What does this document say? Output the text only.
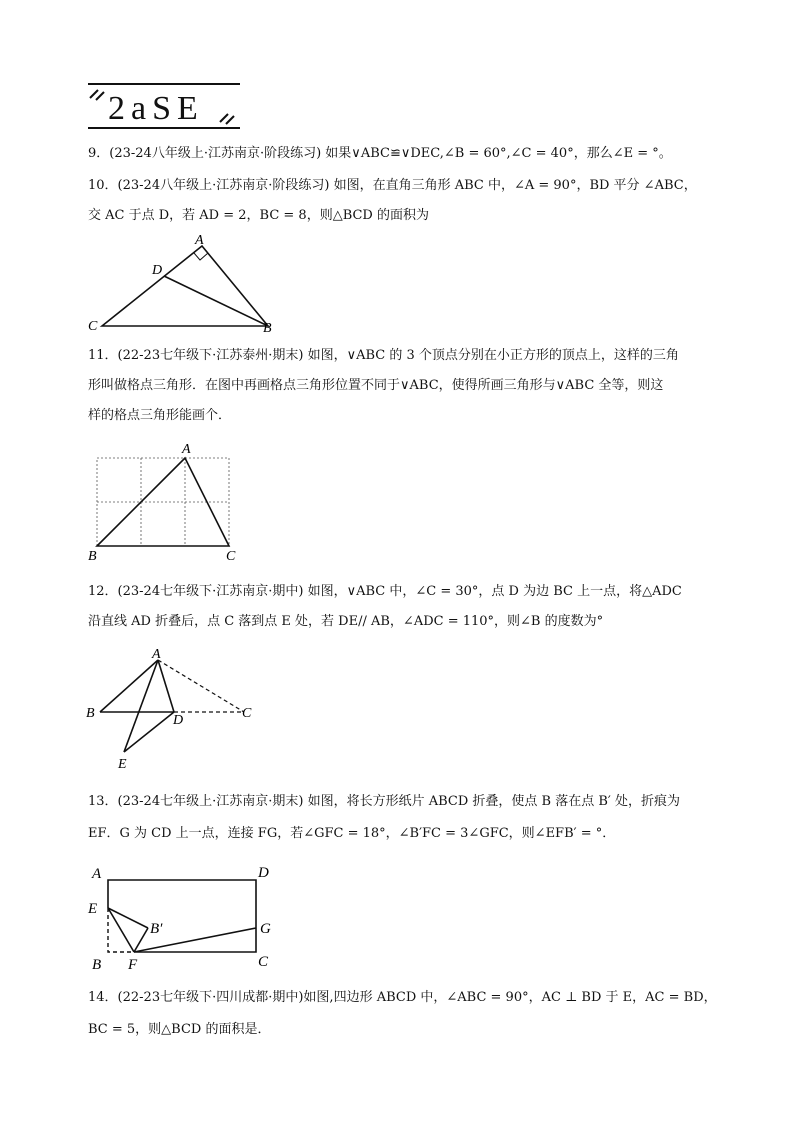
2aSE
9．(23-24八年级上·江苏南京·阶段练习) 如果∨ABC≌∨DEC,∠B = 60°,∠C = 40°，那么∠E = °。
10．(23-24八年级上·江苏南京·阶段练习) 如图，在直角三角形 ABC 中，∠A = 90°，BD 平分 ∠ABC，
交 AC 于点 D，若 AD = 2，BC = 8，则△BCD 的面积为
A
D
C	B
11．(22-23七年级下·江苏泰州·期末) 如图，∨ABC 的 3 个顶点分别在小正方形的顶点上，这样的三角
形叫做格点三角形．在图中再画格点三角形位置不同于∨ABC，使得所画三角形与∨ABC 全等，则这
样的格点三角形能画个．
A
B	C
12．(23-24七年级下·江苏南京·期中) 如图，∨ABC 中，∠C = 30°，点 D 为边 BC 上一点，将△ADC
沿直线 AD 折叠后，点 C 落到点 E 处，若 DE// AB，∠ADC = 110°，则∠B 的度数为°
A
B	D	C
E
13．(23-24七年级上·江苏南京·期末) 如图，将长方形纸片 ABCD 折叠，使点 B 落在点 B′ 处，折痕为
EF．G 为 CD 上一点，连接 FG，若∠GFC = 18°，∠B′FC = 3∠GFC，则∠EFB′ = °．
A	D
E
B′	G
B F	C
14．(22-23七年级下·四川成都·期中)如图,四边形 ABCD 中，∠ABC = 90°，AC ⊥ BD 于 E，AC = BD，
BC = 5，则△BCD 的面积是．
